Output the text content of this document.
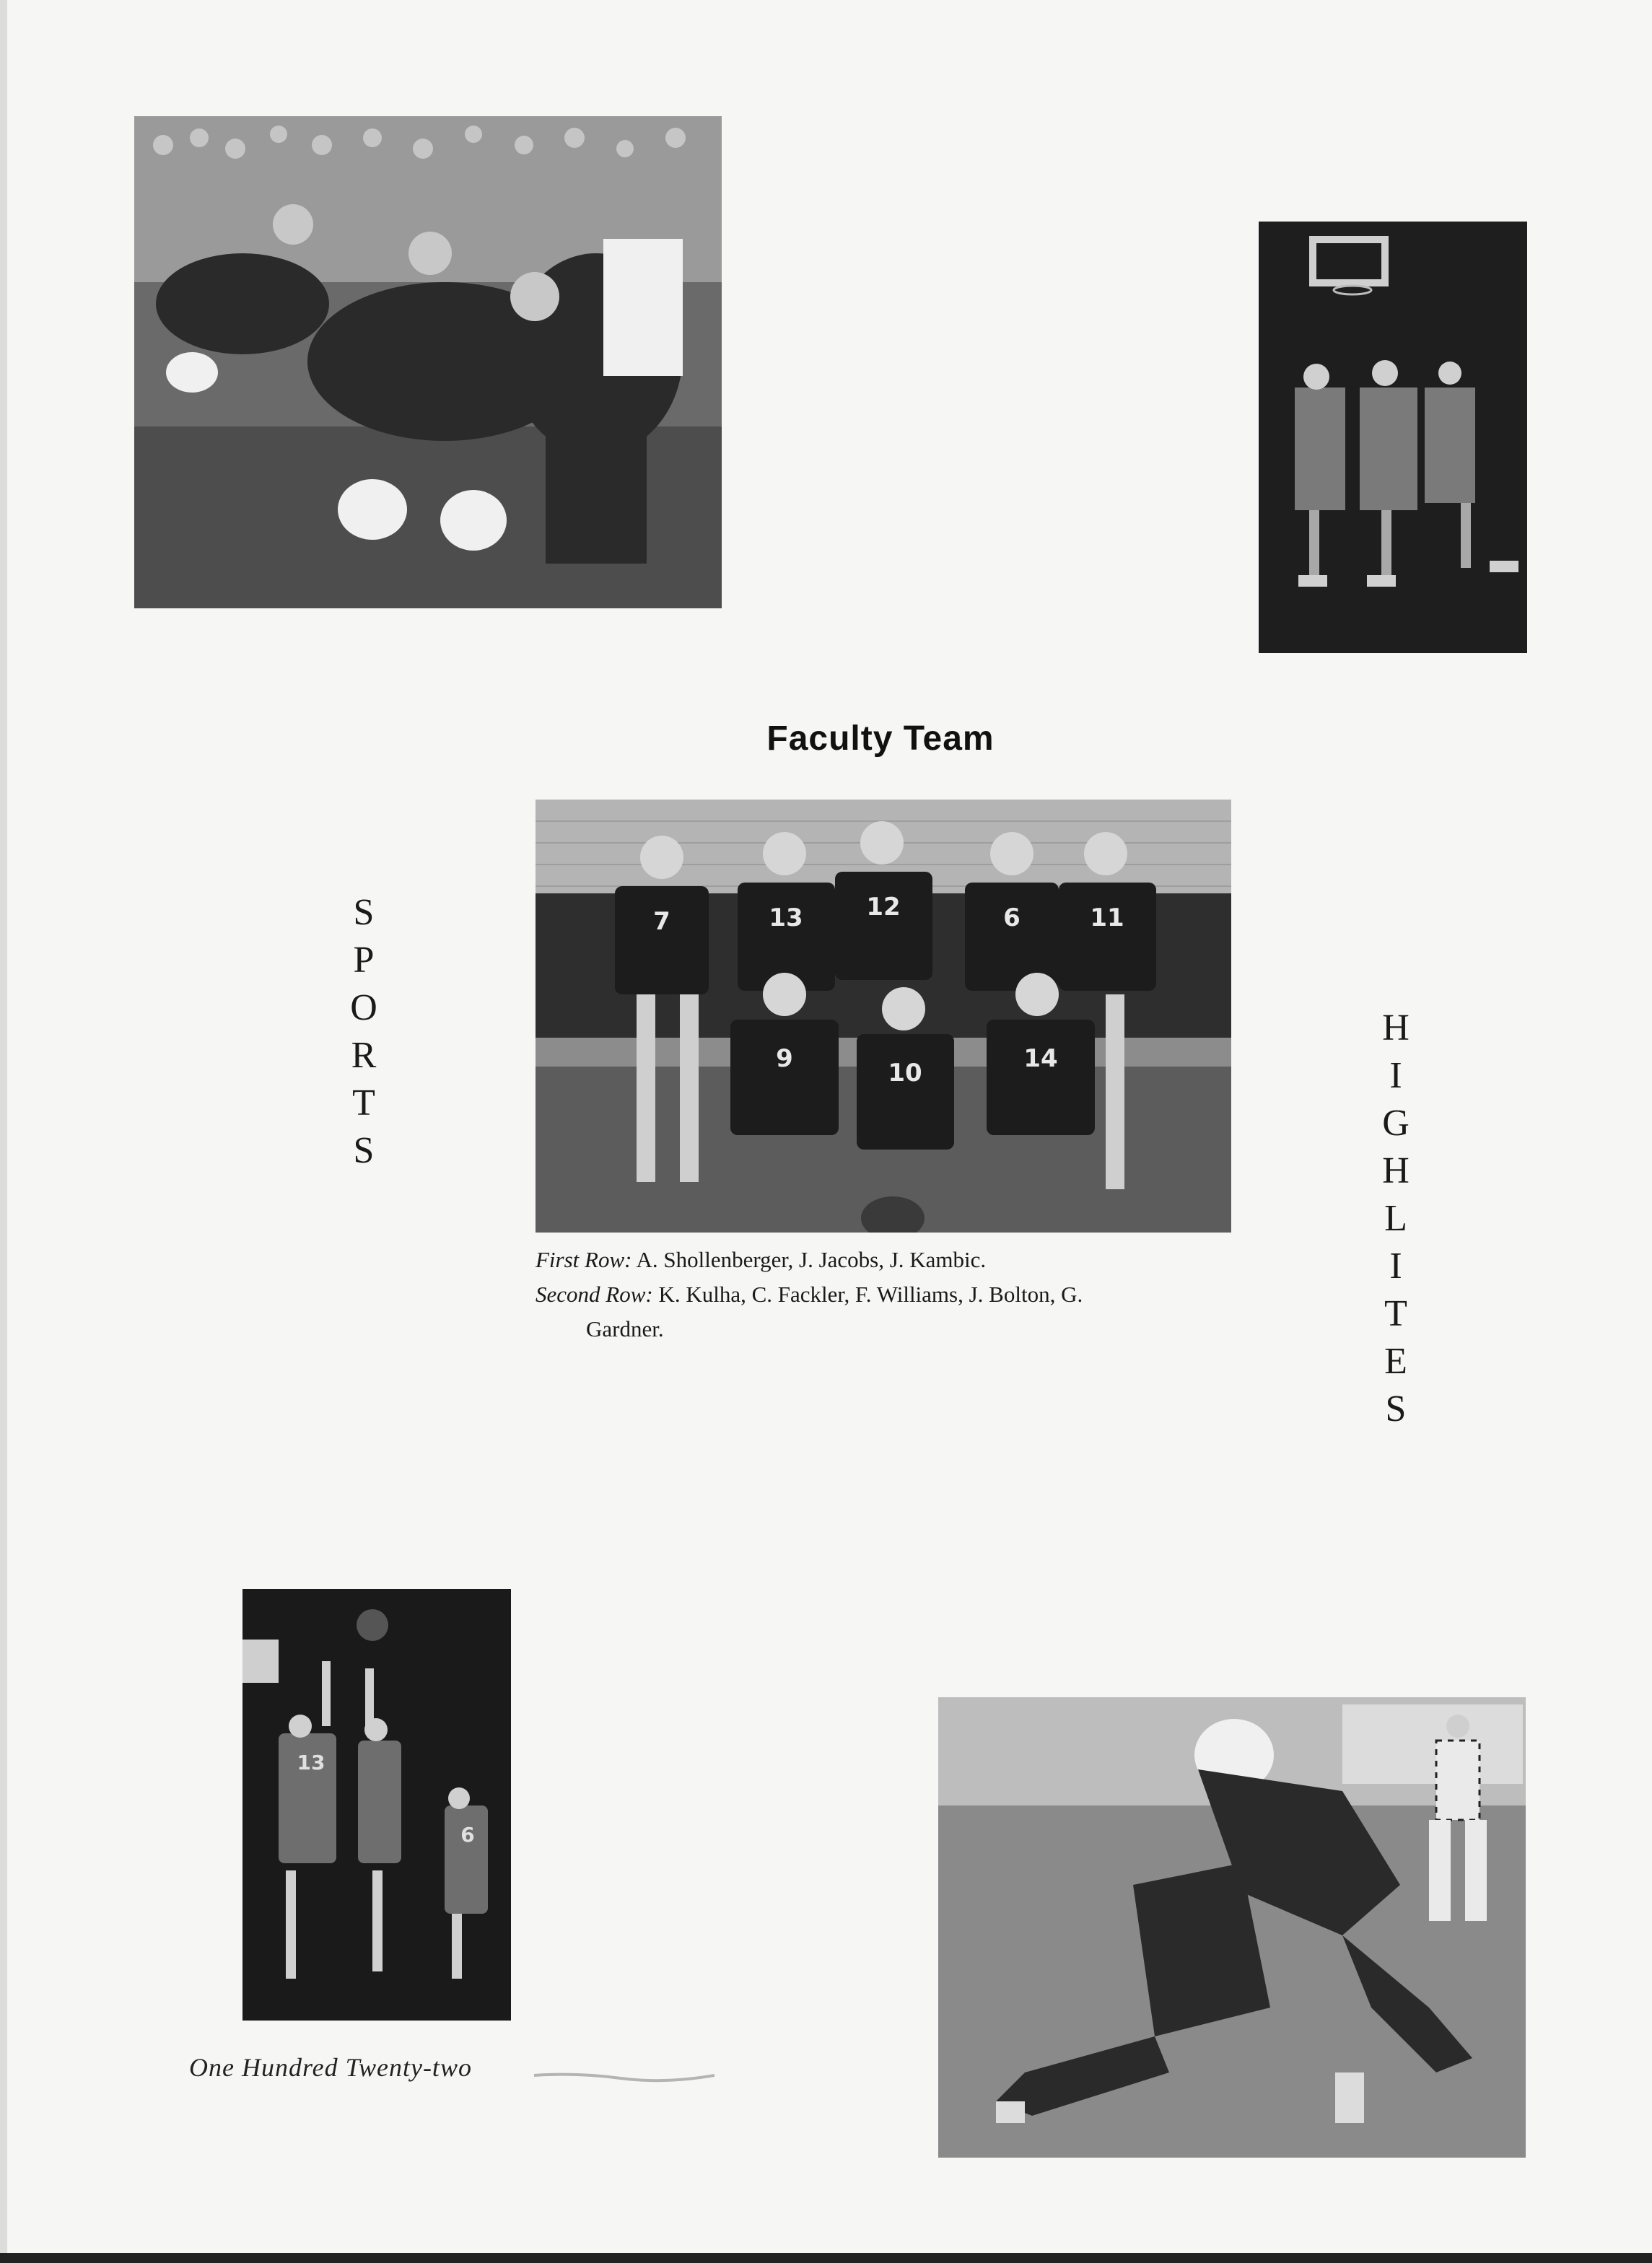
Faculty Team
S
P
O
R
T
S
H
I
G
H
L
I
T
E
S
7	13	12	6	11
9	10	14
First Row: A. Shollenberger, J. Jacobs, J. Kambic.
Second Row: K. Kulha, C. Fackler, F. Williams, J. Bolton, G.
Gardner.
13
6
One Hundred Twenty-two
